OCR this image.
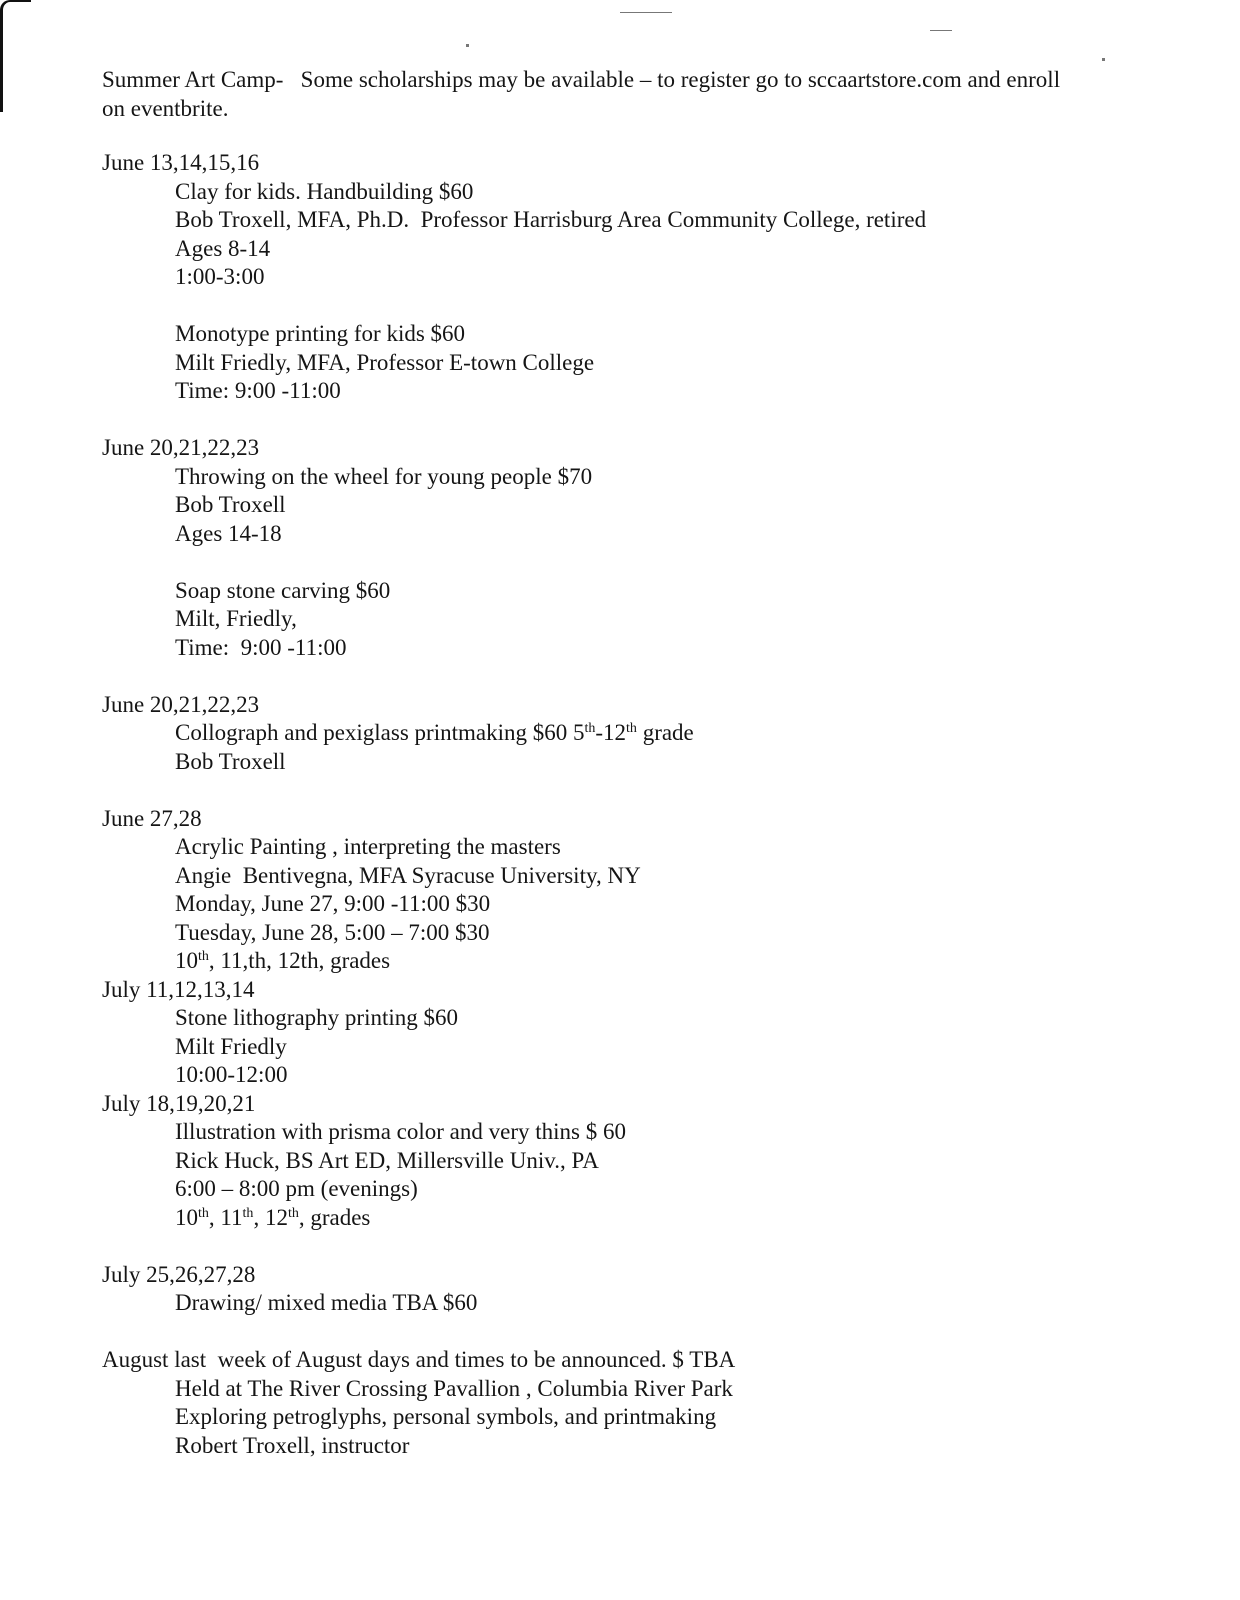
Summer Art Camp-   Some scholarships may be available – to register go to sccaartstore.com and enroll

on eventbrite.

June 13,14,15,16

Clay for kids. Handbuilding $60

Bob Troxell, MFA, Ph.D.  Professor Harrisburg Area Community College, retired

Ages 8-14

1:00-3:00

Monotype printing for kids $60

Milt Friedly, MFA, Professor E-town College

Time: 9:00 -11:00

June 20,21,22,23

Throwing on the wheel for young people $70

Bob Troxell

Ages 14-18

Soap stone carving $60

Milt, Friedly,

Time:  9:00 -11:00

June 20,21,22,23

Collograph and pexiglass printmaking $60 5th-12th grade

Bob Troxell

June 27,28

Acrylic Painting , interpreting the masters

Angie  Bentivegna, MFA Syracuse University, NY

Monday, June 27, 9:00 -11:00 $30

Tuesday, June 28, 5:00 – 7:00 $30

10th, 11,th, 12th, grades

July 11,12,13,14

Stone lithography printing $60

Milt Friedly

10:00-12:00

July 18,19,20,21

Illustration with prisma color and very thins $ 60

Rick Huck, BS Art ED, Millersville Univ., PA

6:00 – 8:00 pm (evenings)

10th, 11th, 12th, grades

July 25,26,27,28

Drawing/ mixed media TBA $60

August last  week of August days and times to be announced. $ TBA

Held at The River Crossing Pavallion , Columbia River Park

Exploring petroglyphs, personal symbols, and printmaking

Robert Troxell, instructor
